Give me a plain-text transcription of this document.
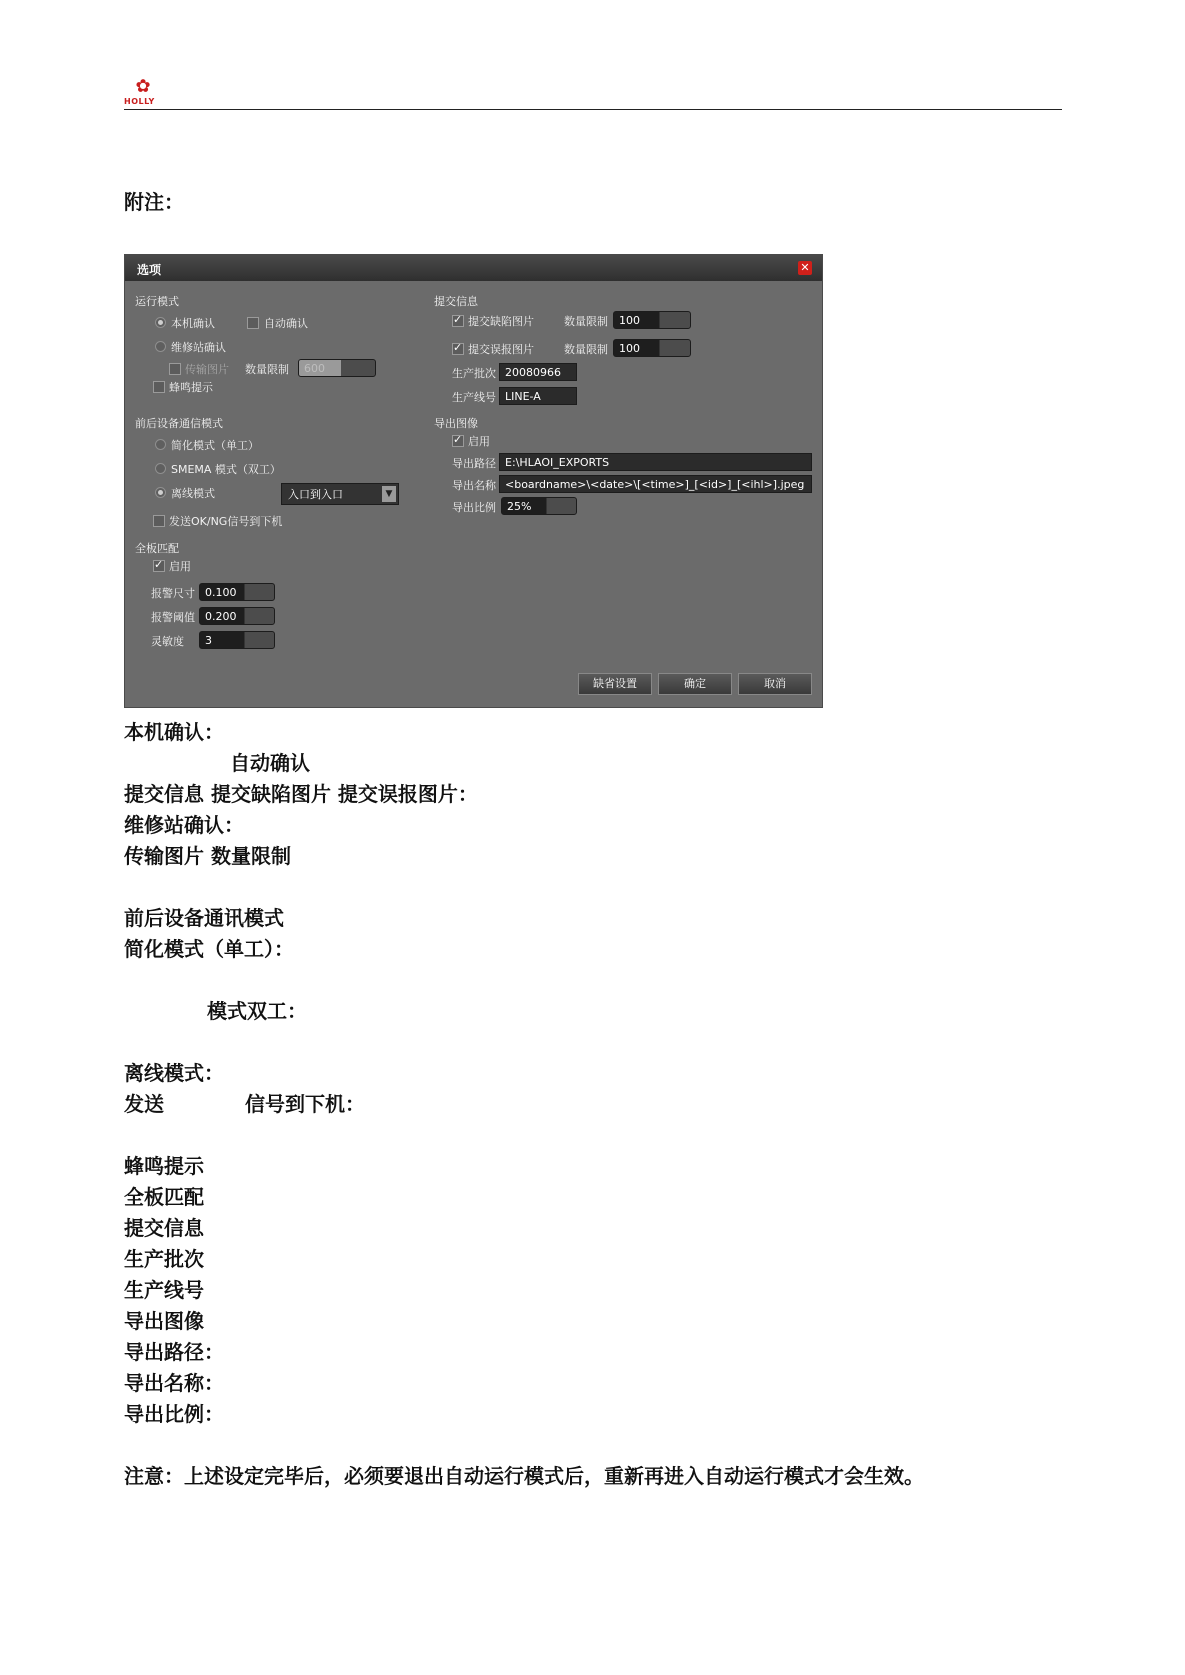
✿
HOLLY
附注：
选项	✕
运行模式
本机确认	自动确认
维修站确认
传输图片 数量限制	600
蜂鸣提示
前后设备通信模式
简化模式（单工）
SMEMA 模式（双工）
离线模式	入口到入口	▼
发送OK/NG信号到下机
全板匹配
✓
启用
报警尺寸 0.100
报警阈值 0.200
灵敏度	3
提交信息
✓
提交缺陷图片	数量限制	100
✓
提交误报图片	数量限制	100
生产批次 20080966
生产线号 LINE-A
导出图像
✓
启用
导出路径 E:\HLAOI_EXPORTS
导出名称 <boardname>\<date>\[<time>]_[<id>]_[<ihl>].jpeg
导出比例	25%
缺省设置	确定	取消
本机确认：
自动确认
提交信息 提交缺陷图片 提交误报图片：
维修站确认：
传输图片 数量限制
前后设备通讯模式
简化模式（单工）：
模式双工：
离线模式：
发送	信号到下机：
蜂鸣提示
全板匹配
提交信息
生产批次
生产线号
导出图像
导出路径：
导出名称：
导出比例：
注意：上述设定完毕后，必须要退出自动运行模式后，重新再进入自动运行模式才会生效。
